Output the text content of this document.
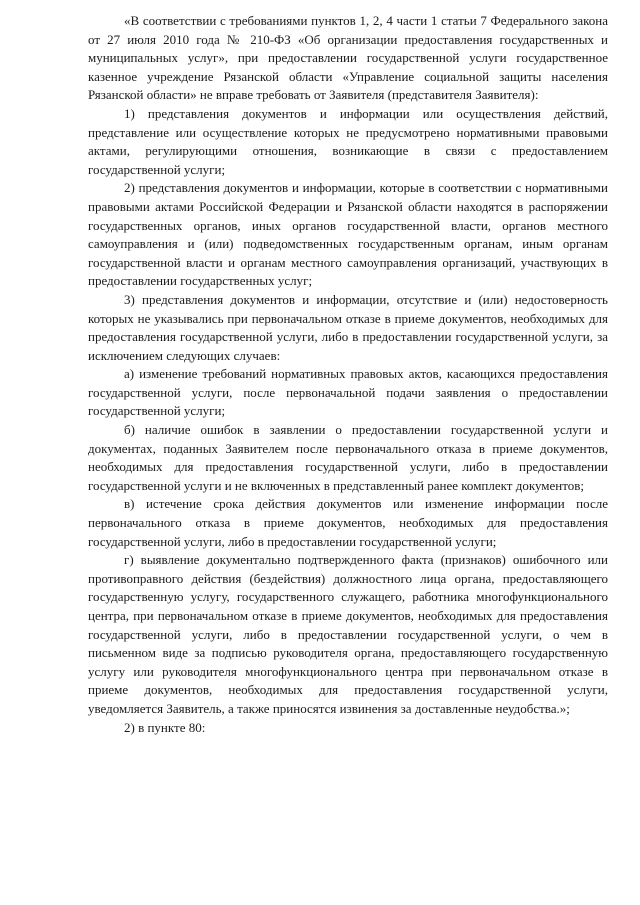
«В соответствии с требованиями пунктов 1, 2, 4 части 1 статьи 7 Федерального закона от 27 июля 2010 года № 210-ФЗ «Об организации предоставления государственных и муниципальных услуг», при предоставлении государственной услуги государственное казенное учреждение Рязанской области «Управление социальной защиты населения Рязанской области» не вправе требовать от Заявителя (представителя Заявителя):

1) представления документов и информации или осуществления действий, представление или осуществление которых не предусмотрено нормативными правовыми актами, регулирующими отношения, возникающие в связи с предоставлением государственной услуги;

2) представления документов и информации, которые в соответствии с нормативными правовыми актами Российской Федерации и Рязанской области находятся в распоряжении государственных органов, иных органов государственной власти, органов местного самоуправления и (или) подведомственных государственным органам, иным органам государственной власти и органам местного самоуправления организаций, участвующих в предоставлении государственных услуг;

3) представления документов и информации, отсутствие и (или) недостоверность которых не указывались при первоначальном отказе в приеме документов, необходимых для предоставления государственной услуги, либо в предоставлении государственной услуги, за исключением следующих случаев:

а) изменение требований нормативных правовых актов, касающихся предоставления государственной услуги, после первоначальной подачи заявления о предоставлении государственной услуги;

б) наличие ошибок в заявлении о предоставлении государственной услуги и документах, поданных Заявителем после первоначального отказа в приеме документов, необходимых для предоставления государственной услуги, либо в предоставлении государственной услуги и не включенных в представленный ранее комплект документов;

в) истечение срока действия документов или изменение информации после первоначального отказа в приеме документов, необходимых для предоставления государственной услуги, либо в предоставлении государственной услуги;

г) выявление документально подтвержденного факта (признаков) ошибочного или противоправного действия (бездействия) должностного лица органа, предоставляющего государственную услугу, государственного служащего, работника многофункционального центра, при первоначальном отказе в приеме документов, необходимых для предоставления государственной услуги, либо в предоставлении государственной услуги, о чем в письменном виде за подписью руководителя органа, предоставляющего государственную услугу или руководителя многофункционального центра при первоначальном отказе в приеме документов, необходимых для предоставления государственной услуги, уведомляется Заявитель, а также приносятся извинения за доставленные неудобства.»;

2) в пункте 80:
